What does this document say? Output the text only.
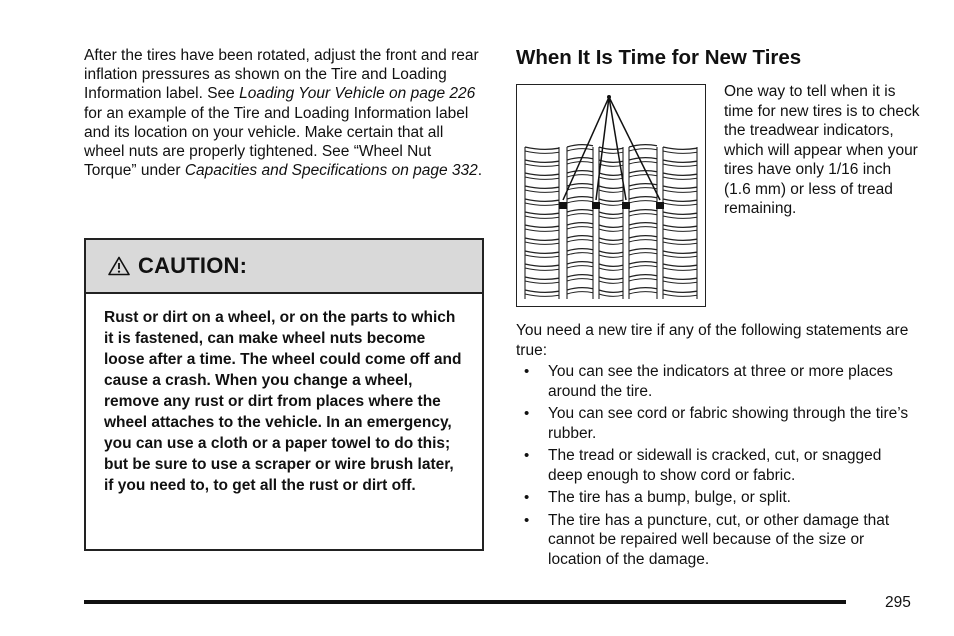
After the tires have been rotated, adjust the front and rear inflation pressures as shown on the Tire and Loading Information label. See Loading Your Vehicle on page 226 for an example of the Tire and Loading Information label and its location on your vehicle. Make certain that all wheel nuts are properly tightened. See “Wheel Nut Torque” under Capacities and Specifications on page 332.

CAUTION:

Rust or dirt on a wheel, or on the parts to which it is fastened, can make wheel nuts become loose after a time. The wheel could come off and cause a crash. When you change a wheel, remove any rust or dirt from places where the wheel attaches to the vehicle. In an emergency, you can use a cloth or a paper towel to do this; but be sure to use a scraper or wire brush later, if you need to, to get all the rust or dirt off.

When It Is Time for New Tires

One way to tell when it is time for new tires is to check the treadwear indicators, which will appear when your tires have only 1/16 inch (1.6 mm) or less of tread remaining.

You need a new tire if any of the following statements are true:

• You can see the indicators at three or more places around the tire.
• You can see cord or fabric showing through the tire’s rubber.
• The tread or sidewall is cracked, cut, or snagged deep enough to show cord or fabric.
• The tire has a bump, bulge, or split.
• The tire has a puncture, cut, or other damage that cannot be repaired well because of the size or location of the damage.
295
